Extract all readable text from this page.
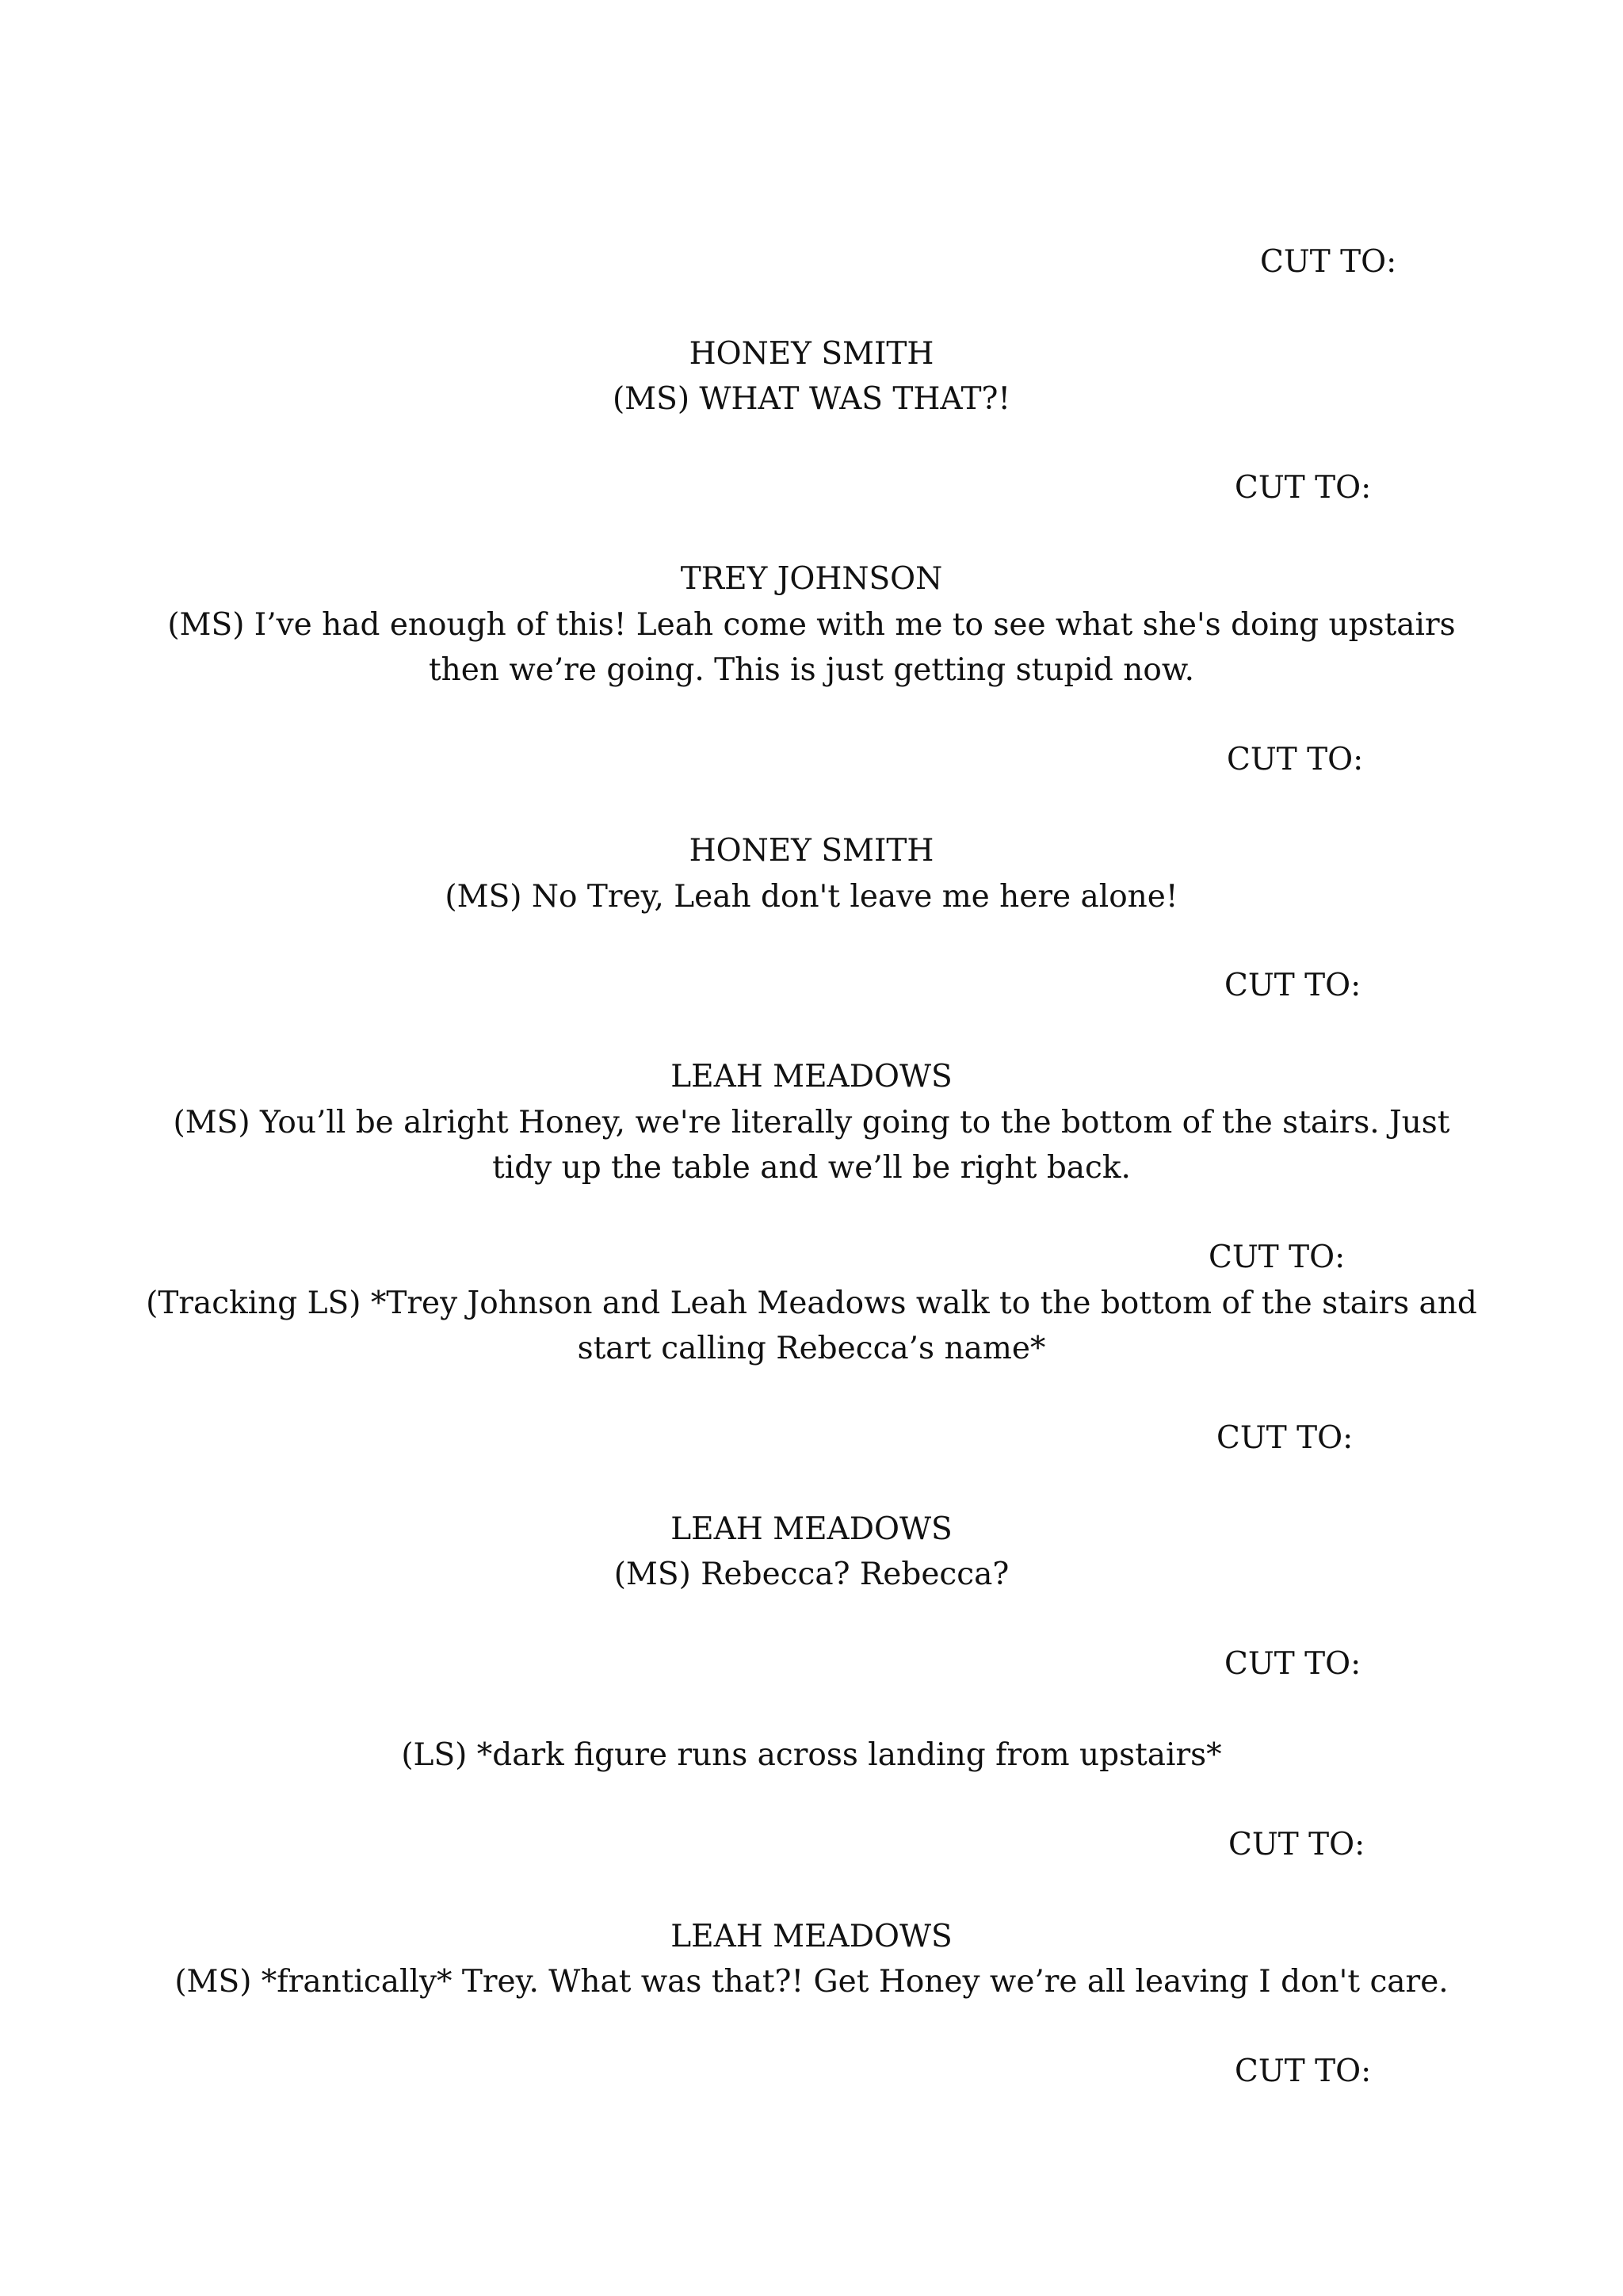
CUT TO:
HONEY SMITH
(MS) WHAT WAS THAT?!
CUT TO:
TREY JOHNSON
(MS) I’ve had enough of this! Leah come with me to see what she's doing upstairs
then we’re going. This is just getting stupid now.
CUT TO:
HONEY SMITH
(MS) No Trey, Leah don't leave me here alone!
CUT TO:
LEAH MEADOWS
(MS) You’ll be alright Honey, we're literally going to the bottom of the stairs. Just
tidy up the table and we’ll be right back.
CUT TO:
(Tracking LS) *Trey Johnson and Leah Meadows walk to the bottom of the stairs and
start calling Rebecca’s name*
CUT TO:
LEAH MEADOWS
(MS) Rebecca? Rebecca?
CUT TO:
(LS) *dark figure runs across landing from upstairs*
CUT TO:
LEAH MEADOWS
(MS) *frantically* Trey. What was that?! Get Honey we’re all leaving I don't care.
CUT TO:
